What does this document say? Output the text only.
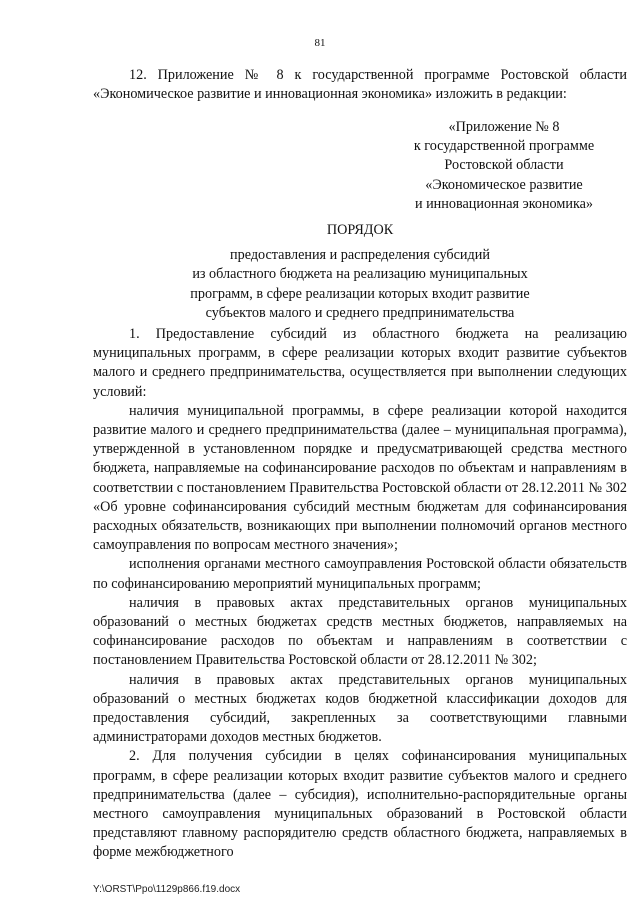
81

12. Приложение № 8 к государственной программе Ростовской области «Экономическое развитие и инновационная экономика» изложить в редакции:

«Приложение № 8
к государственной программе
Ростовской области
«Экономическое развитие
и инновационная экономика»
ПОРЯДОК
предоставления и распределения субсидий
из областного бюджета на реализацию муниципальных
программ, в сфере реализации которых входит развитие
субъектов малого и среднего предпринимательства

1. Предоставление субсидий из областного бюджета на реализацию муниципальных программ, в сфере реализации которых входит развитие субъектов малого и среднего предпринимательства, осуществляется при выполнении следующих условий:

наличия муниципальной программы, в сфере реализации которой находится развитие малого и среднего предпринимательства (далее – муниципальная программа), утвержденной в установленном порядке и предусматривающей средства местного бюджета, направляемые на софинансирование расходов по объектам и направлениям в соответствии с постановлением Правительства Ростовской области от 28.12.2011 № 302 «Об уровне софинансирования субсидий местным бюджетам для софинансирования расходных обязательств, возникающих при выполнении полномочий органов местного самоуправления по вопросам местного значения»;

исполнения органами местного самоуправления Ростовской области обязательств по софинансированию мероприятий муниципальных программ;

наличия в правовых актах представительных органов муниципальных образований о местных бюджетах средств местных бюджетов, направляемых на софинансирование расходов по объектам и направлениям в соответствии с постановлением Правительства Ростовской области от 28.12.2011 № 302;

наличия в правовых актах представительных органов муниципальных образований о местных бюджетах кодов бюджетной классификации доходов для предоставления субсидий, закрепленных за соответствующими главными администраторами доходов местных бюджетов.

2. Для получения субсидии в целях софинансирования муниципальных программ, в сфере реализации которых входит развитие субъектов малого и среднего предпринимательства (далее – субсидия), исполнительно-распорядительные органы местного самоуправления муниципальных образований в Ростовской области представляют главному распорядителю средств областного бюджета, направляемых в форме межбюджетного

Y:\ORST\Ppo\1129p866.f19.docx
